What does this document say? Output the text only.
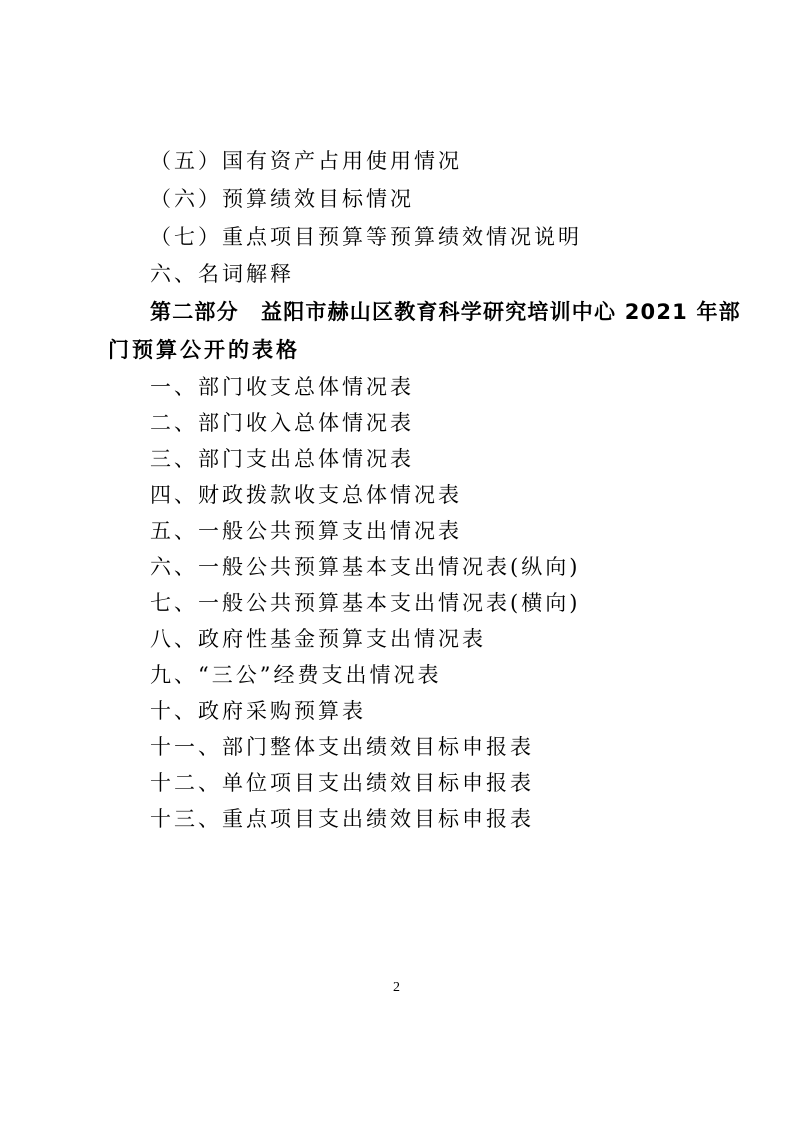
（五）国有资产占用使用情况
（六）预算绩效目标情况
（七）重点项目预算等预算绩效情况说明
六、名词解释
第二部分　益阳市赫山区教育科学研究培训中心 2021 年部
门预算公开的表格
一、部门收支总体情况表
二、部门收入总体情况表
三、部门支出总体情况表
四、财政拨款收支总体情况表
五、一般公共预算支出情况表
六、一般公共预算基本支出情况表(纵向)
七、一般公共预算基本支出情况表(横向)
八、政府性基金预算支出情况表
九、“三公”经费支出情况表
十、政府采购预算表
十一、部门整体支出绩效目标申报表
十二、单位项目支出绩效目标申报表
十三、重点项目支出绩效目标申报表
2
